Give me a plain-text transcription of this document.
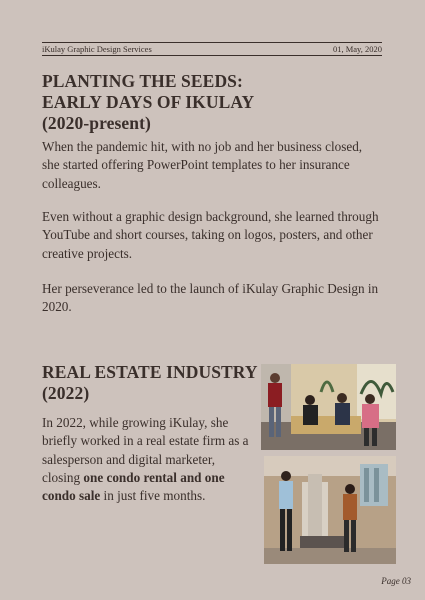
iKulay Graphic Design Services	01, May, 2020
PLANTING THE SEEDS:
EARLY DAYS OF IKULAY
(2020-present)

When the pandemic hit, with no job and her business closed, she started offering PowerPoint templates to her insurance colleagues.

Even without a graphic design background, she learned through YouTube and short courses, taking on logos, posters, and other creative projects.

Her perseverance led to the launch of iKulay Graphic Design in 2020.

REAL ESTATE INDUSTRY
(2022)

In 2022, while growing iKulay, she briefly worked in a real estate firm as a salesperson and digital marketer, closing one condo rental and one condo sale in just five months.

Page 03
